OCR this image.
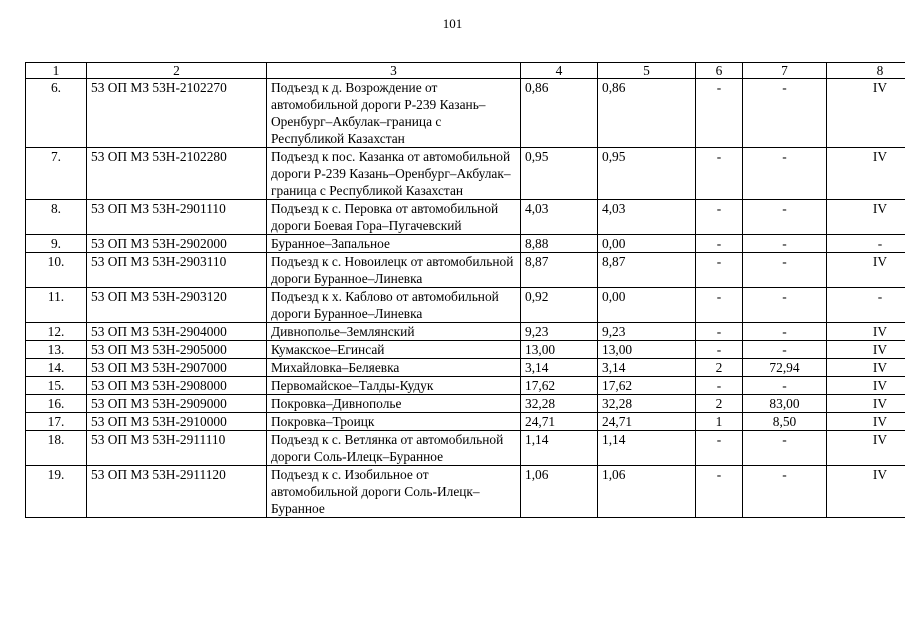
101
1	2	3	4	5	6	7	8
6.	53 ОП МЗ 53Н-2102270	Подъезд к д. Возрождение от автомобильной дороги Р-239 Казань–Оренбург–Акбулак–граница с Республикой Казахстан	0,86	0,86	-	-	IV
7.	53 ОП МЗ 53Н-2102280	Подъезд к пос. Казанка от автомобильной дороги Р-239 Казань–Оренбург–Акбулак–граница с Республикой Казахстан	0,95	0,95	-	-	IV
8.	53 ОП МЗ 53Н-2901110	Подъезд к с. Перовка от автомобильной дороги Боевая Гора–Пугачевский	4,03	4,03	-	-	IV
9.	53 ОП МЗ 53Н-2902000	Буранное–Запальное	8,88	0,00	-	-	-
10.	53 ОП МЗ 53Н-2903110	Подъезд к с. Новоилецк от автомобильной дороги Буранное–Линевка	8,87	8,87	-	-	IV
11.	53 ОП МЗ 53Н-2903120	Подъезд к х. Каблово от автомобильной дороги Буранное–Линевка	0,92	0,00	-	-	-
12.	53 ОП МЗ 53Н-2904000	Дивнополье–Землянский	9,23	9,23	-	-	IV
13.	53 ОП МЗ 53Н-2905000	Кумакское–Егинсай	13,00	13,00	-	-	IV
14.	53 ОП МЗ 53Н-2907000	Михайловка–Беляевка	3,14	3,14	2	72,94	IV
15.	53 ОП МЗ 53Н-2908000	Первомайское–Талды-Кудук	17,62	17,62	-	-	IV
16.	53 ОП МЗ 53Н-2909000	Покровка–Дивнополье	32,28	32,28	2	83,00	IV
17.	53 ОП МЗ 53Н-2910000	Покровка–Троицк	24,71	24,71	1	8,50	IV
18.	53 ОП МЗ 53Н-2911110	Подъезд к с. Ветлянка от автомобильной дороги Соль-Илецк–Буранное	1,14	1,14	-	-	IV
19.	53 ОП МЗ 53Н-2911120	Подъезд к с. Изобильное от автомобильной дороги Соль-Илецк–Буранное	1,06	1,06	-	-	IV
